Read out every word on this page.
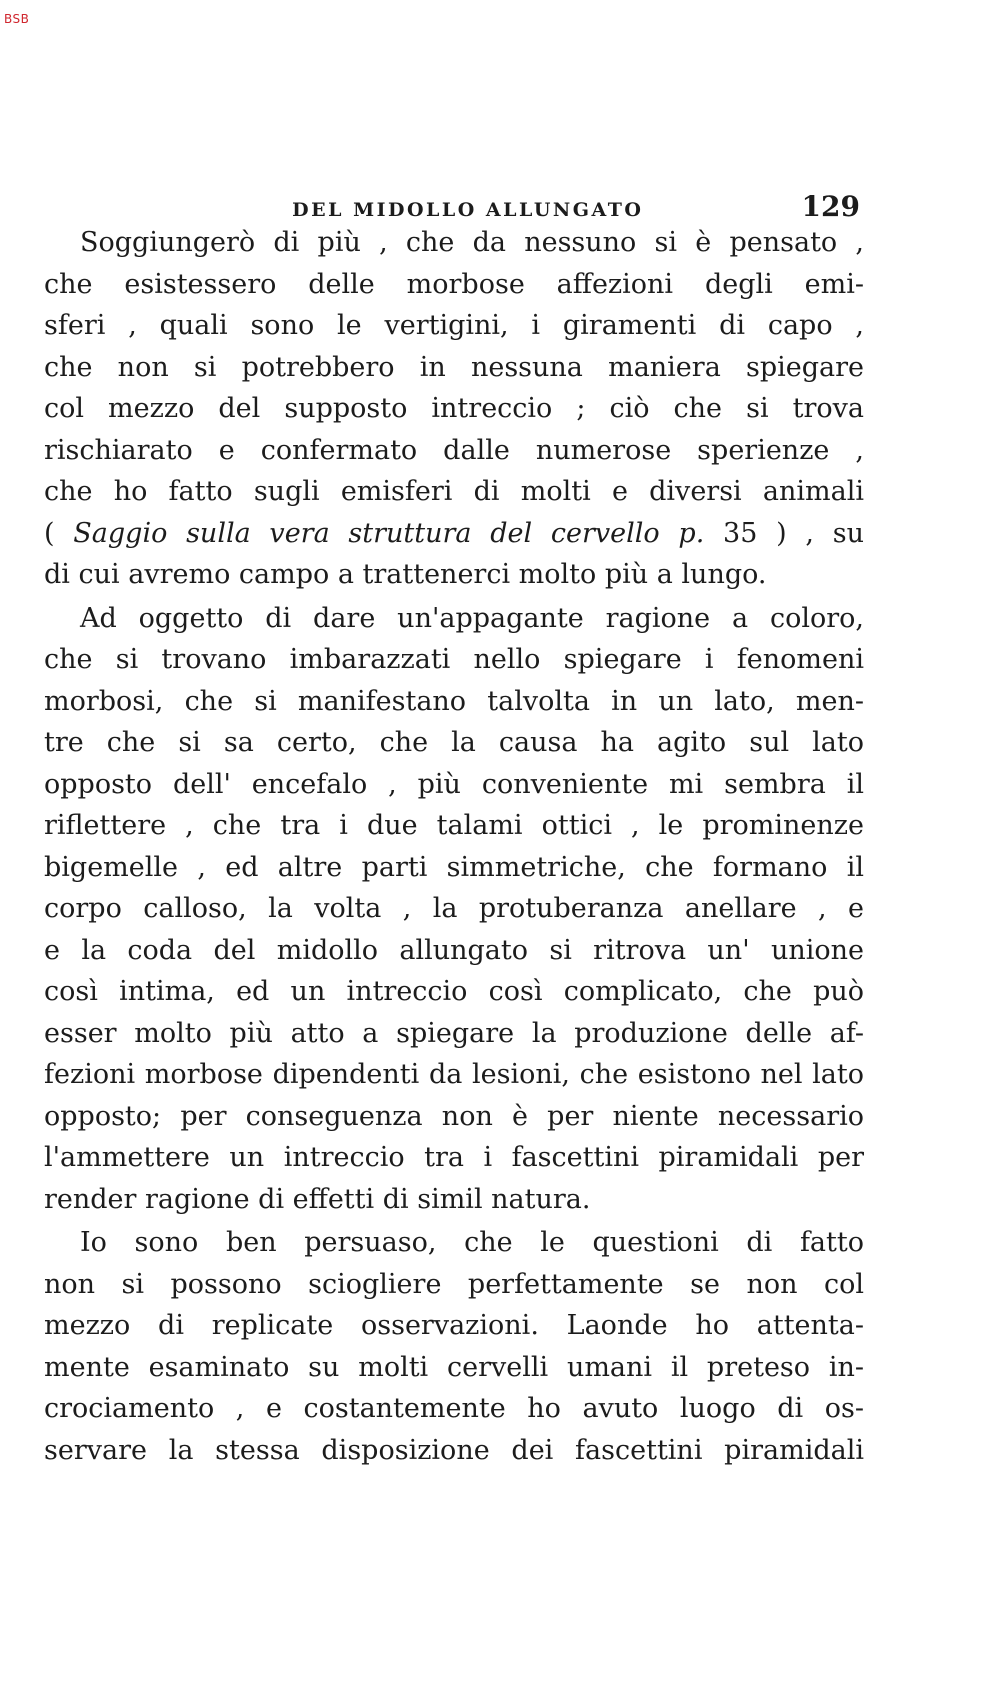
BSB
DEL MIDOLLO ALLUNGATO	129
Soggiungerò di più , che da nessuno si è pensato ,
che esistessero delle morbose affezioni degli emi-
sferi , quali sono le vertigini, i giramenti di capo ,
che non si potrebbero in nessuna maniera spiegare
col mezzo del supposto intreccio ; ciò che si trova
rischiarato e confermato dalle numerose sperienze ,
che ho fatto sugli emisferi di molti e diversi animali
( Saggio sulla vera struttura del cervello p. 35 ) , su
di cui avremo campo a trattenerci molto più a lungo.
Ad oggetto di dare un'appagante ragione a coloro,
che si trovano imbarazzati nello spiegare i fenomeni
morbosi, che si manifestano talvolta in un lato, men-
tre che si sa certo, che la causa ha agito sul lato
opposto dell' encefalo , più conveniente mi sembra il
riflettere , che tra i due talami ottici , le prominenze
bigemelle , ed altre parti simmetriche, che formano il
corpo calloso, la volta , la protuberanza anellare , e
e la coda del midollo allungato si ritrova un' unione
così intima, ed un intreccio così complicato, che può
esser molto più atto a spiegare la produzione delle af-
fezioni morbose dipendenti da lesioni, che esistono nel lato
opposto; per conseguenza non è per niente necessario
l'ammettere un intreccio tra i fascettini piramidali per
render ragione di effetti di simil natura.
Io sono ben persuaso, che le questioni di fatto
non si possono sciogliere perfettamente se non col
mezzo di replicate osservazioni. Laonde ho attenta-
mente esaminato su molti cervelli umani il preteso in-
crociamento , e costantemente ho avuto luogo di os-
servare la stessa disposizione dei fascettini piramidali
